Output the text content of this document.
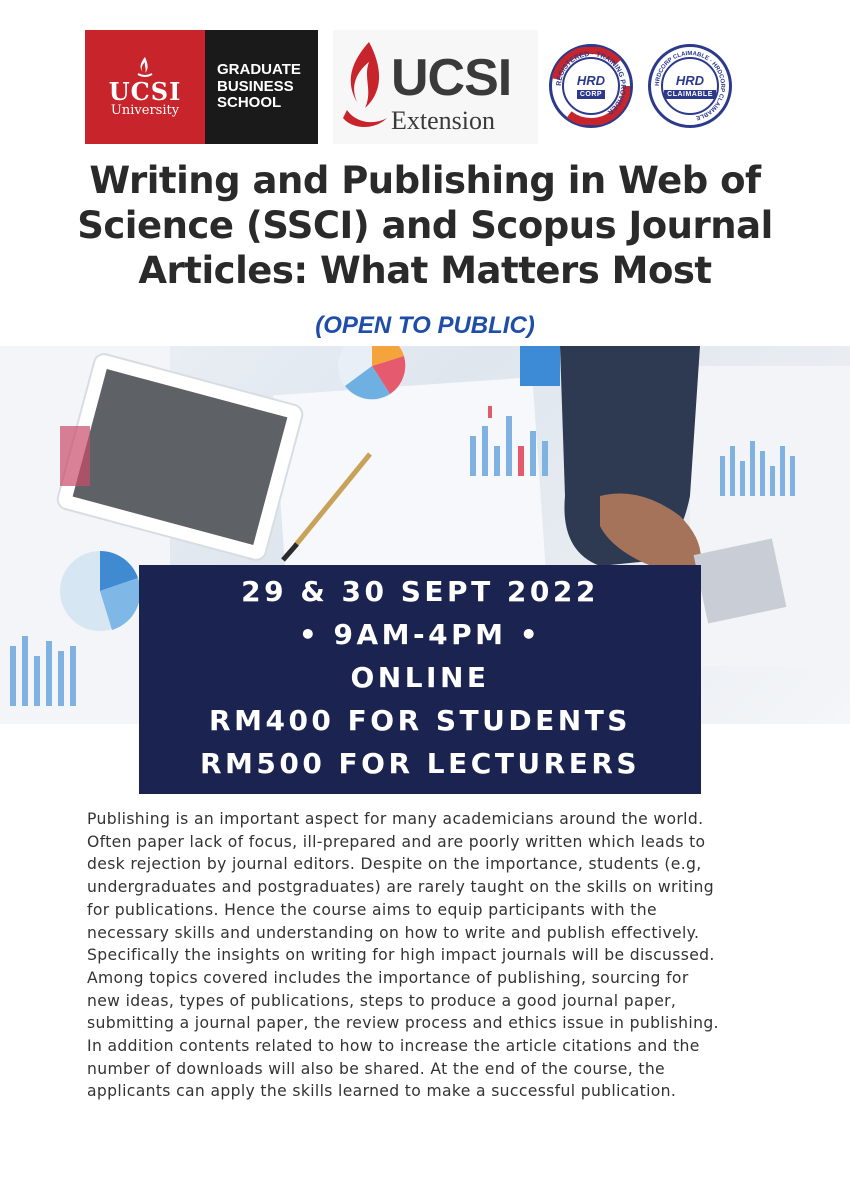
UCSI
University
GRADUATE
BUSINESS
SCHOOL	UCSI
Extension
REGISTERED · TRAINING PROVIDER
HRD
CORP
HRDCORP CLAIMABLE · HRDCORP CLAIMABLE
HRD
CLAIMABLE
Writing and Publishing in Web of
Science (SSCI) and Scopus Journal
Articles: What Matters Most
(OPEN TO PUBLIC)
29 & 30 SEPT 2022
• 9AM-4PM •
ONLINE
RM400 FOR STUDENTS
RM500 FOR LECTURERS
Publishing is an important aspect for many academicians around the world.
Often paper lack of focus, ill-prepared and are poorly written which leads to
desk rejection by journal editors. Despite on the importance, students (e.g,
undergraduates and postgraduates) are rarely taught on the skills on writing
for publications. Hence the course aims to equip participants with the
necessary skills and understanding on how to write and publish effectively.
Specifically the insights on writing for high impact journals will be discussed.
Among topics covered includes the importance of publishing, sourcing for
new ideas, types of publications, steps to produce a good journal paper,
submitting a journal paper, the review process and ethics issue in publishing.
In addition contents related to how to increase the article citations and the
number of downloads will also be shared. At the end of the course, the
applicants can apply the skills learned to make a successful publication.
